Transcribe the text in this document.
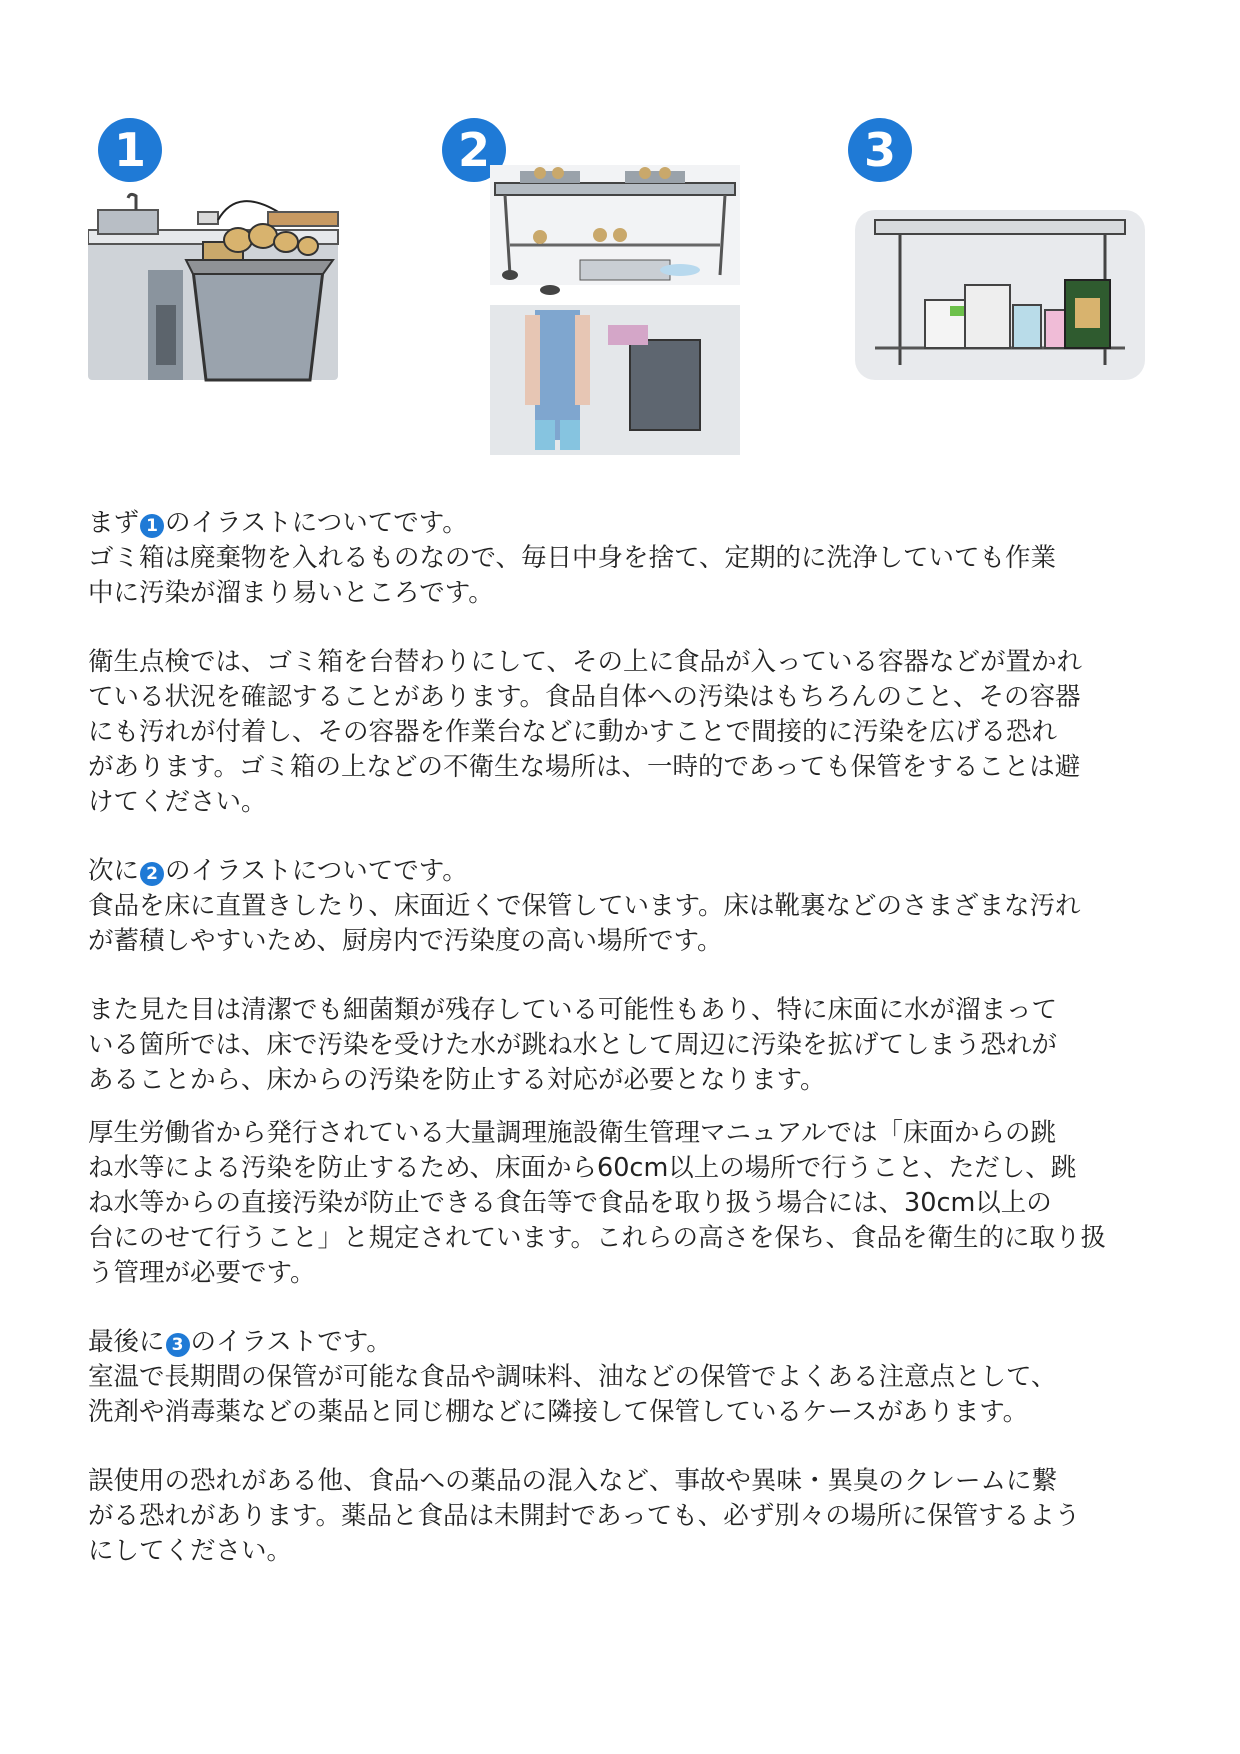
1	2	3

まず 1 のイラストについてです。

ゴミ箱は廃棄物を入れるものなので、毎日中身を捨て、定期的に洗浄していても作業

中に汚染が溜まり易いところです。

衛生点検では、ゴミ箱を台替わりにして、その上に食品が入っている容器などが置かれ

ている状況を確認することがあります。食品自体への汚染はもちろんのこと、その容器

にも汚れが付着し、その容器を作業台などに動かすことで間接的に汚染を広げる恐れ

があります。ゴミ箱の上などの不衛生な場所は、一時的であっても保管をすることは避

けてください。

次に 2 のイラストについてです。

食品を床に直置きしたり、床面近くで保管しています。床は靴裏などのさまざまな汚れ

が蓄積しやすいため、厨房内で汚染度の高い場所です。

また見た目は清潔でも細菌類が残存している可能性もあり、特に床面に水が溜まって

いる箇所では、床で汚染を受けた水が跳ね水として周辺に汚染を拡げてしまう恐れが

あることから、床からの汚染を防止する対応が必要となります。

厚生労働省から発行されている大量調理施設衛生管理マニュアルでは「床面からの跳

ね水等による汚染を防止するため、床面から60cm以上の場所で行うこと、ただし、跳

ね水等からの直接汚染が防止できる食缶等で食品を取り扱う場合には、30cm以上の

台にのせて行うこと」と規定されています。これらの高さを保ち、食品を衛生的に取り扱

う管理が必要です。

最後に 3 のイラストです。

室温で長期間の保管が可能な食品や調味料、油などの保管でよくある注意点として、

洗剤や消毒薬などの薬品と同じ棚などに隣接して保管しているケースがあります。

誤使用の恐れがある他、食品への薬品の混入など、事故や異味・異臭のクレームに繋

がる恐れがあります。薬品と食品は未開封であっても、必ず別々の場所に保管するよう

にしてください。
